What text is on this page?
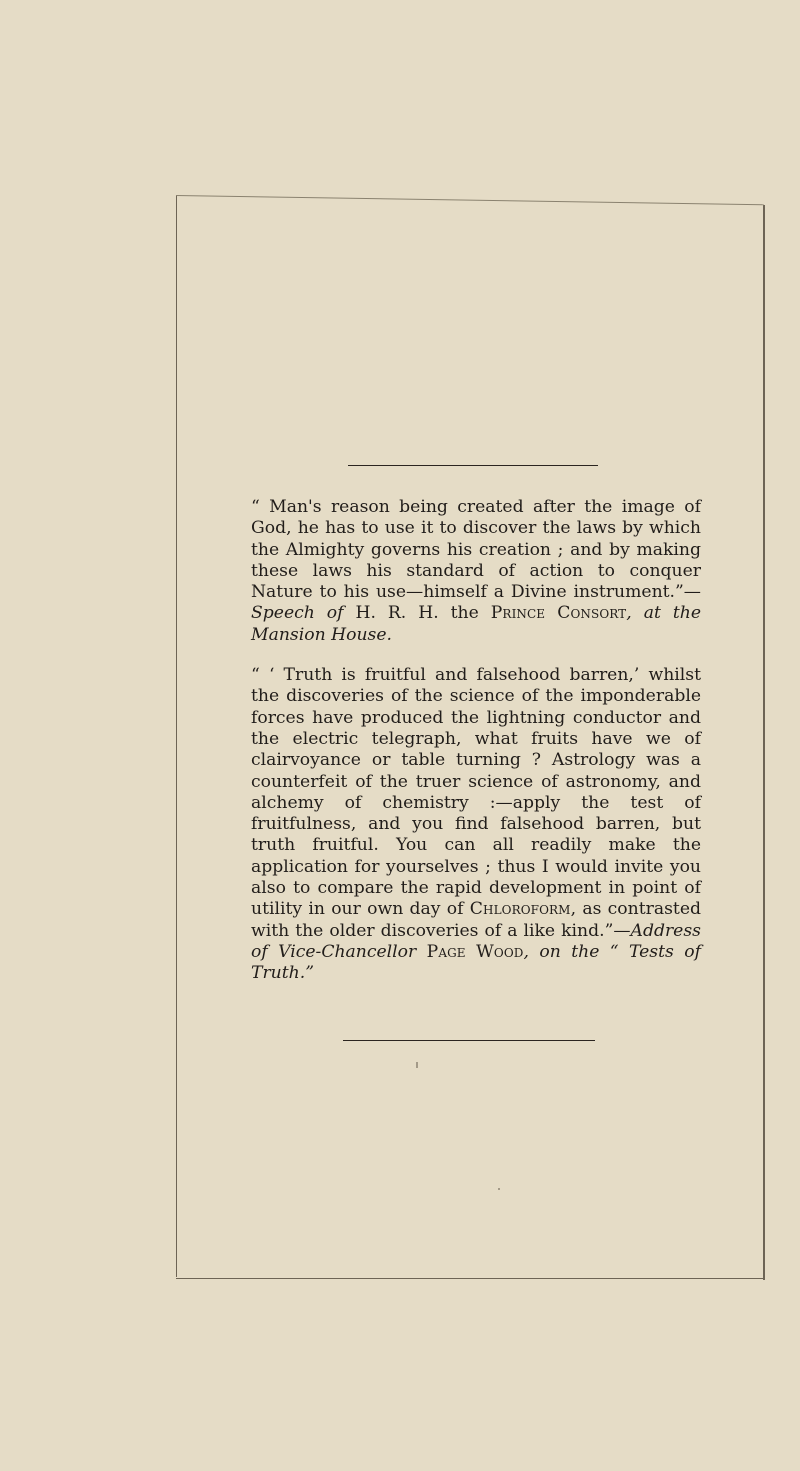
“ Man's reason being created after the image of God, he has to use it to discover the laws by which the Almighty governs his creation ; and by making these laws his standard of action to conquer Nature to his use—himself a Divine instrument.”—Speech of H. R. H. the Prince Consort, at the Mansion House.

“ ‘ Truth is fruitful and falsehood barren,’ whilst the discoveries of the science of the imponderable forces have produced the lightning conductor and the electric telegraph, what fruits have we of clairvoyance or table turning ? Astrology was a counterfeit of the truer science of astronomy, and alchemy of chemistry :—apply the test of fruitfulness, and you find falsehood barren, but truth fruitful. You can all readily make the application for yourselves ; thus I would invite you also to compare the rapid development in point of utility in our own day of Chloroform, as contrasted with the older discoveries of a like kind.”—Address of Vice-Chancellor Page Wood, on the “ Tests of Truth.”
